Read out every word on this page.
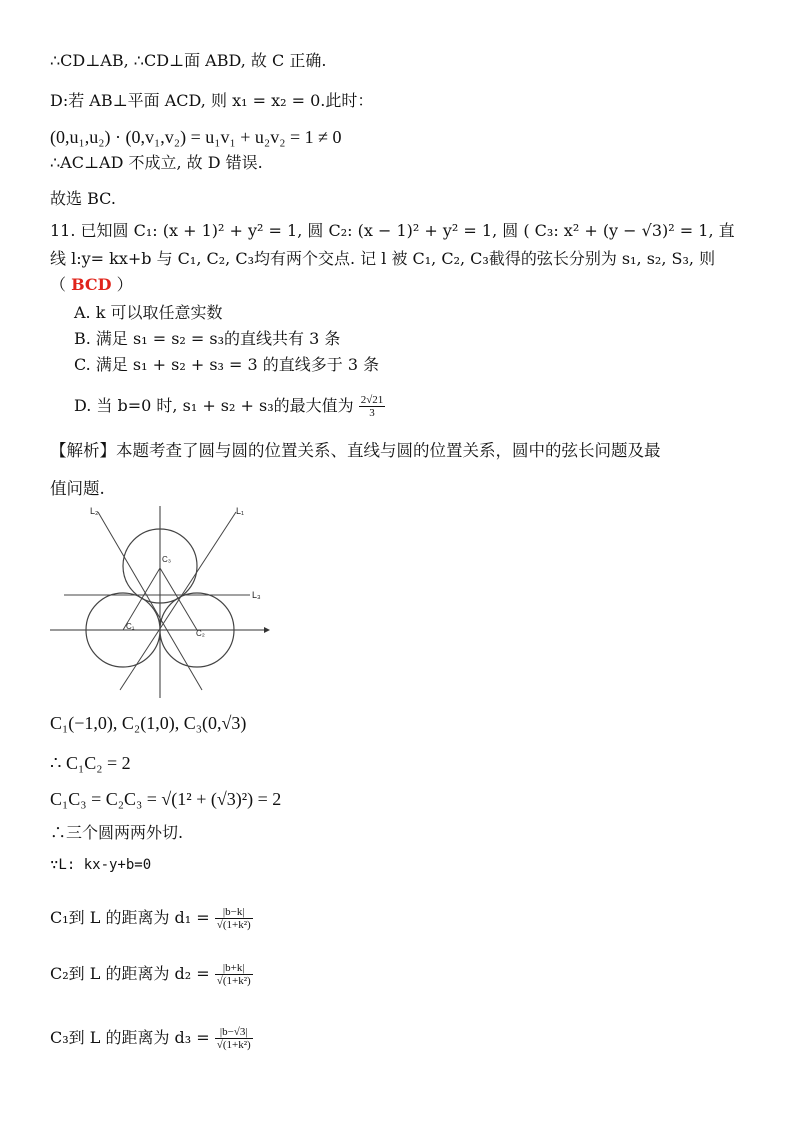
∴CD⊥AB, ∴CD⊥面 ABD, 故 C 正确.
D:若 AB⊥平面 ACD, 则 x₁ = x₂ = 0.此时：
(0,u₁,u₂) · (0,v₁,v₂) = u₁v₁ + u₂v₂ = 1 ≠ 0
∴AC⊥AD 不成立, 故 D 错误.
故选 BC.
11. 已知圆 C₁: (x + 1)² + y² = 1, 圆 C₂: (x − 1)² + y² = 1, 圆 ( C₃: x² + (y − √3)² = 1, 直
线 l:y= kx+b 与 C₁, C₂, C₃均有两个交点. 记 l 被 C₁, C₂, C₃截得的弦长分别为 s₁, s₂, S₃, 则
（ BCD ）
A. k 可以取任意实数
B. 满足 s₁ = s₂ = s₃的直线共有 3 条
C. 满足 s₁ + s₂ + s₃ = 3 的直线多于 3 条
D. 当 b=0 时, s₁ + s₂ + s₃的最大值为 $\frac{2√21}{3}$
【解析】本题考查了圆与圆的位置关系、直线与圆的位置关系，圆中的弦长问题及最
值问题.
L₁
L₂
L₃
C₁
C₂
C₃
C₁(−1,0), C₂(1,0), C₃(0,√3)
∴ C₁C₂ = 2
C₁C₃ = C₂C₃ = √(1² + (√3)²) = 2
∴三个圆两两外切.
∵L: kx-y+b=0
C₁到 L 的距离为 $d_1 = \frac{|b-k|}{\text{√(1+k²)}}$
C₂到 L 的距离为 $d_2 = \frac{|b+k|}{\text{√(1+k²)}}$
C₃到 L 的距离为 $d_3 = \frac{|b-√3|}{\text{√(1+k²)}}$
